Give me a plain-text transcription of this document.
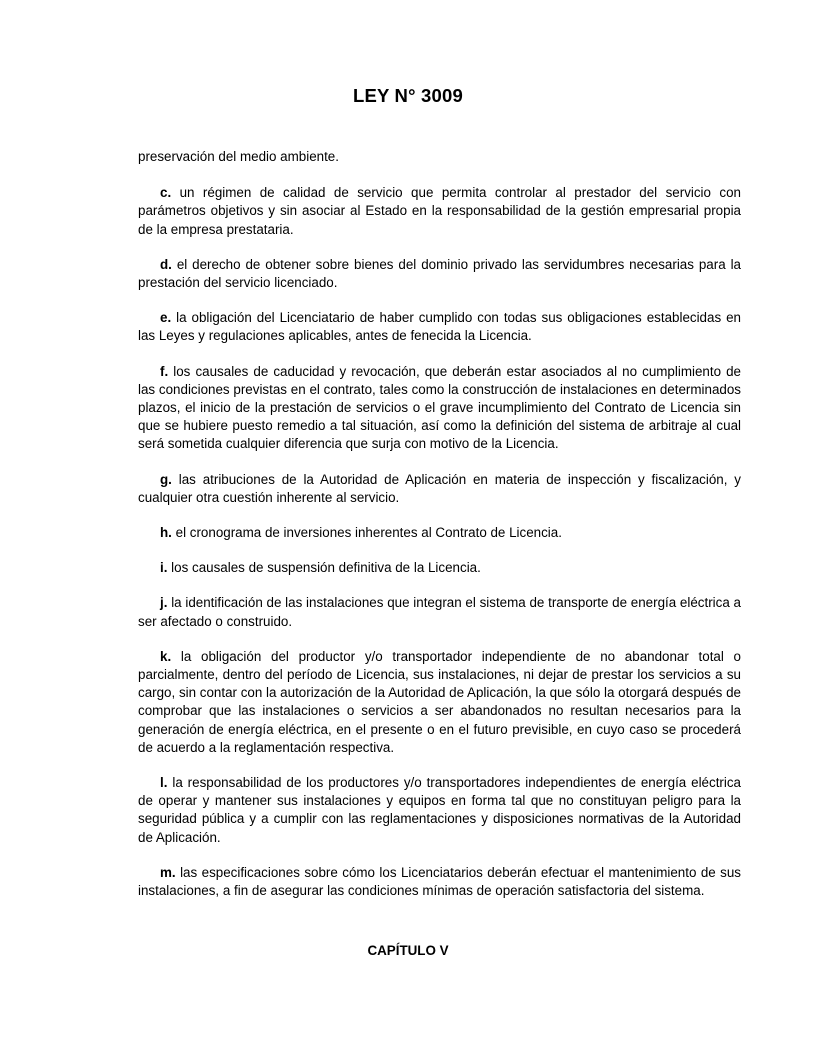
LEY N° 3009

preservación del medio ambiente.

c. un régimen de calidad de servicio que permita controlar al prestador del servicio con parámetros objetivos y sin asociar al Estado en la responsabilidad de la gestión empresarial propia de la empresa prestataria.

d. el derecho de obtener sobre bienes del dominio privado las servidumbres necesarias para la prestación del servicio licenciado.

e. la obligación del Licenciatario de haber cumplido con todas sus obligaciones establecidas en las Leyes y regulaciones aplicables, antes de fenecida la Licencia.

f. los causales de caducidad y revocación, que deberán estar asociados al no cumplimiento de las condiciones previstas en el contrato, tales como la construcción de instalaciones en determinados plazos, el inicio de la prestación de servicios o el grave incumplimiento del Contrato de Licencia sin que se hubiere puesto remedio a tal situación, así como la definición del sistema de arbitraje al cual será sometida cualquier diferencia que surja con motivo de la Licencia.

g. las atribuciones de la Autoridad de Aplicación en materia de inspección y fiscalización, y cualquier otra cuestión inherente al servicio.

h. el cronograma de inversiones inherentes al Contrato de Licencia.

i. los causales de suspensión definitiva de la Licencia.

j. la identificación de las instalaciones que integran el sistema de transporte de energía eléctrica a ser afectado o construido.

k. la obligación del productor y/o transportador independiente de no abandonar total o parcialmente, dentro del período de Licencia, sus instalaciones, ni dejar de prestar los servicios a su cargo, sin contar con la autorización de la Autoridad de Aplicación, la que sólo la otorgará después de comprobar que las instalaciones o servicios a ser abandonados no resultan necesarios para la generación de energía eléctrica, en el presente o en el futuro previsible, en cuyo caso se procederá de acuerdo a la reglamentación respectiva.

l. la responsabilidad de los productores y/o transportadores independientes de energía eléctrica de operar y mantener sus instalaciones y equipos en forma tal que no constituyan peligro para la seguridad pública y a cumplir con las reglamentaciones y disposiciones normativas de la Autoridad de Aplicación.

m. las especificaciones sobre cómo los Licenciatarios deberán efectuar el mantenimiento de sus instalaciones, a fin de asegurar las condiciones mínimas de operación satisfactoria del sistema.

CAPÍTULO V
